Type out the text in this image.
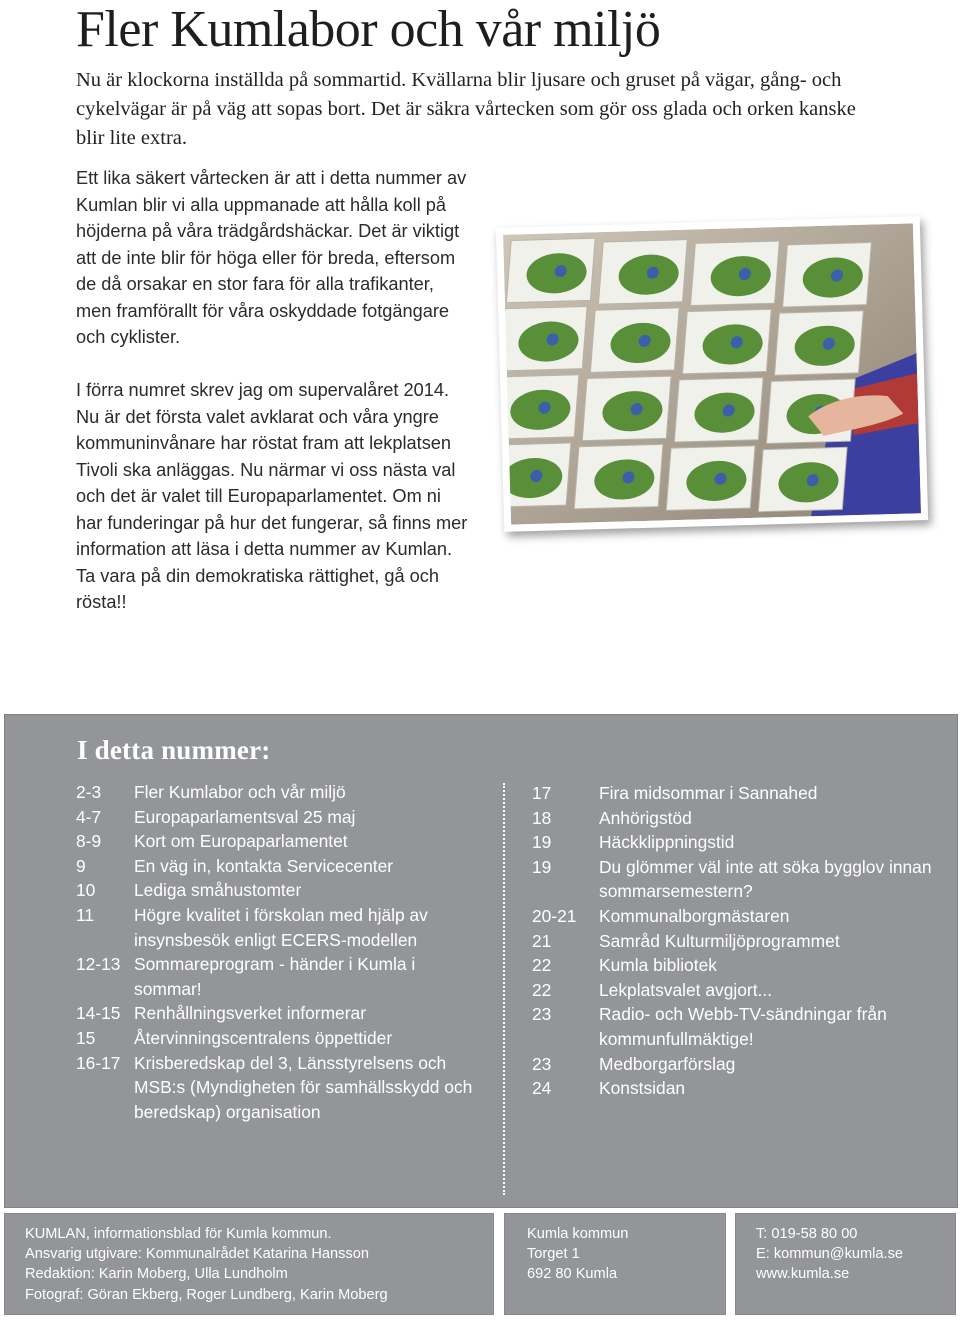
Fler Kumlabor och vår miljö

Nu är klockorna inställda på sommartid. Kvällarna blir ljusare och gruset på vägar, gång- och cykelvägar är på väg att sopas bort. Det är säkra vårtecken som gör oss glada och orken kanske blir lite extra.

Ett lika säkert vårtecken är att i detta nummer av Kumlan blir vi alla uppmanade att hålla koll på höjderna på våra trädgårdshäckar. Det är viktigt att de inte blir för höga eller för breda, eftersom de då orsakar en stor fara för alla trafikanter, men framförallt för våra oskyddade fotgängare och cyklister.

I förra numret skrev jag om supervalåret 2014. Nu är det första valet avklarat och våra yngre kommuninvånare har röstat fram att lekplatsen Tivoli ska anläggas. Nu närmar vi oss nästa val och det är valet till Europaparlamentet. Om ni har funderingar på hur det fungerar, så finns mer information att läsa i detta nummer av Kumlan. Ta vara på din demokratiska rättighet, gå och rösta!!

I detta nummer:
2-3	Fler Kumlabor och vår miljö
4-7	Europaparlamentsval 25 maj
8-9	Kort om Europaparlamentet
9	En väg in, kontakta Servicecenter
10	Lediga småhustomter
11	Högre kvalitet i förskolan med hjälp av insynsbesök enligt ECERS-modellen
12-13 Sommareprogram - händer i Kumla i sommar!
14-15 Renhållningsverket informerar
15	Återvinningscentralens öppettider
16-17 Krisberedskap del 3, Länsstyrelsens och MSB:s (Myndigheten för samhällsskydd och beredskap) organisation
17	Fira midsommar i Sannahed
18	Anhörigstöd
19	Häckklippningstid
19	Du glömmer väl inte att söka bygglov innan sommarsemestern?
20-21	Kommunalborgmästaren
21	Samråd Kulturmiljöprogrammet
22	Kumla bibliotek
22	Lekplatsvalet avgjort...
23	Radio- och Webb-TV-sändningar från kommunfullmäktige!
23	Medborgarförslag
24	Konstsidan
KUMLAN, informationsblad för Kumla kommun.
Ansvarig utgivare: Kommunalrådet Katarina Hansson
Redaktion: Karin Moberg, Ulla Lundholm
Fotograf: Göran Ekberg, Roger Lundberg, Karin Moberg
Kumla kommun
Torget 1
692 80 Kumla
T: 019-58 80 00
E: kommun@kumla.se
www.kumla.se
